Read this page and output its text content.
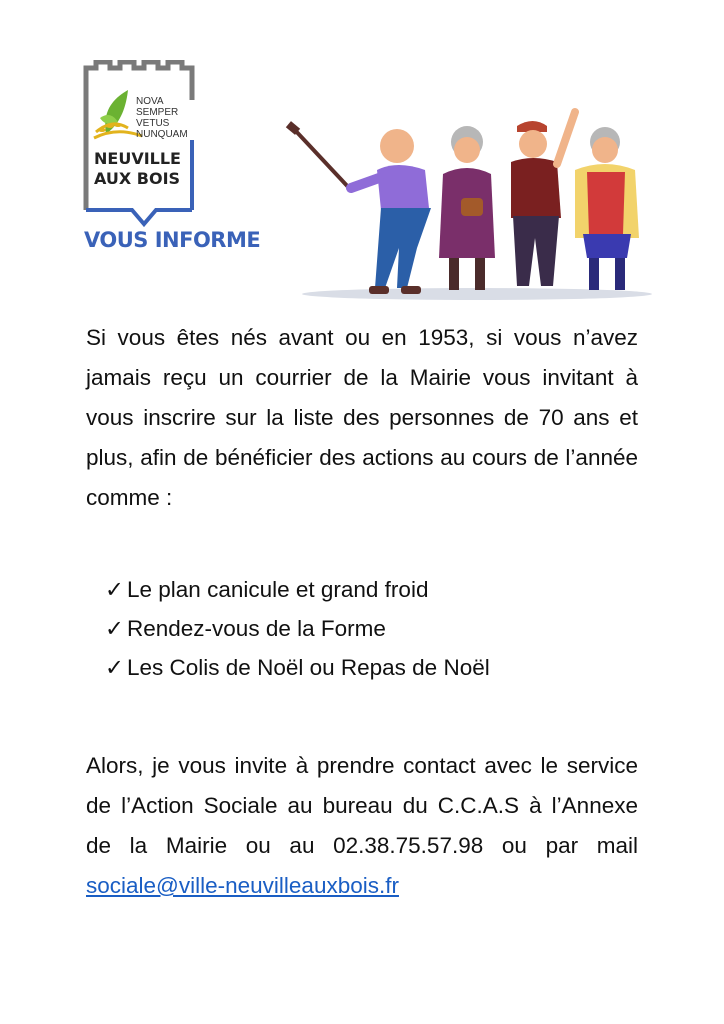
NOVA
SEMPER
VETUS
NUNQUAM
NEUVILLE
AUX BOIS
VOUS INFORME

Si vous êtes nés avant ou en 1953, si vous n’avez jamais reçu un courrier de la Mairie vous invitant à vous inscrire sur la liste des personnes de 70 ans et plus, afin de bénéficier des actions au cours de l’année comme :

✓ Le plan canicule et grand froid
✓ Rendez-vous de la Forme
✓ Les Colis de Noël ou Repas de Noël

Alors, je vous invite à prendre contact avec le service de l’Action Sociale au bureau du C.C.A.S à l’Annexe de la Mairie ou au 02.38.75.57.98 ou par mail sociale@ville-neuvilleauxbois.fr
